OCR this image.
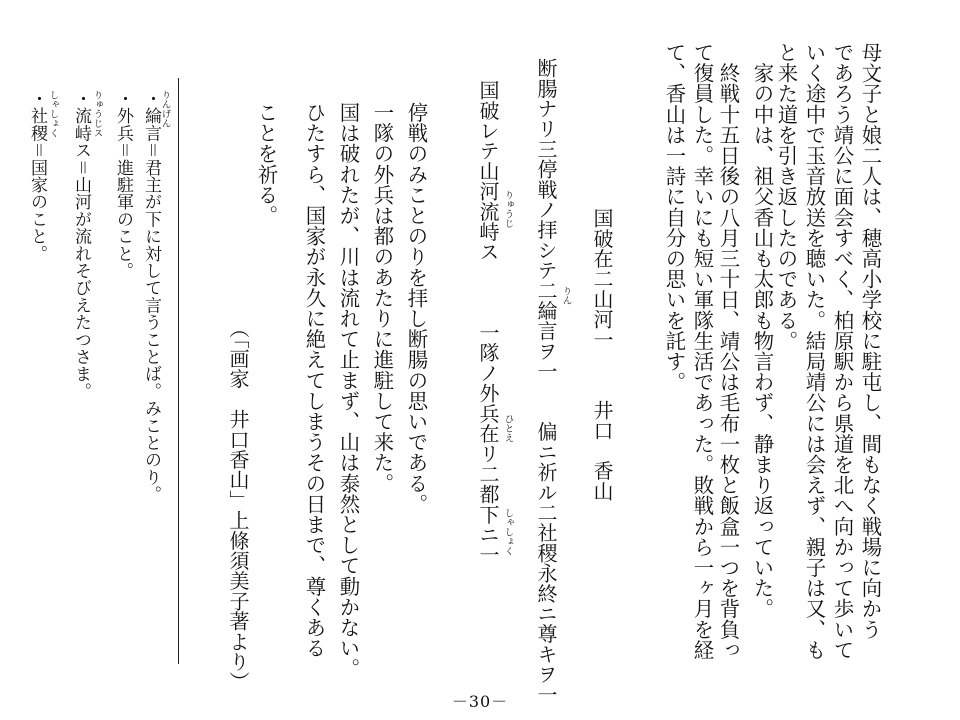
母文子と娘二人は、穂高小学校に駐屯し、間もなく戦場に向かう
であろう靖公に面会すべく、柏原駅から県道を北へ向かって歩いて
いく途中で玉音放送を聴いた。結局靖公には会えず、親子は又、も
と来た道を引き返したのである。
　家の中は、祖父香山も太郎も物言わず、静まり返っていた。
　終戦十五日後の八月三十日、靖公は毛布一枚と飯盒一つを背負っ
て復員した。幸いにも短い軍隊生活であった。敗戦から一ヶ月を経
て、香山は一詩に自分の思いを託す。
国破在二山河一
井口　香山
断腸ナリ三停戦ノ拝シテ二綸言ヲ一　　偏ニ祈ル二社稷永終ニ尊キヲ一
国破レテ山河流峙ス　　　一隊ノ外兵在リ二都下ニ一	りん
りゅうじ
ひとえ
しゃしょく
停戦のみことのりを拝し断腸の思いである。
一隊の外兵は都のあたりに進駐して来た。
国は破れたが、川は流れて止まず、山は泰然として動かない。
ひたすら、国家が永久に絶えてしまうその日まで、尊くある
ことを祈る。
（「画家　井口香山」上條須美子著より）
・綸言＝君主が下に対して言うことば。みことのり。
・外兵＝進駐軍のこと。
・流峙ス＝山河が流れそびえたつさま。
・社稷＝国家のこと。	りんげん
りゅうじス
しゃしょく
－30－
